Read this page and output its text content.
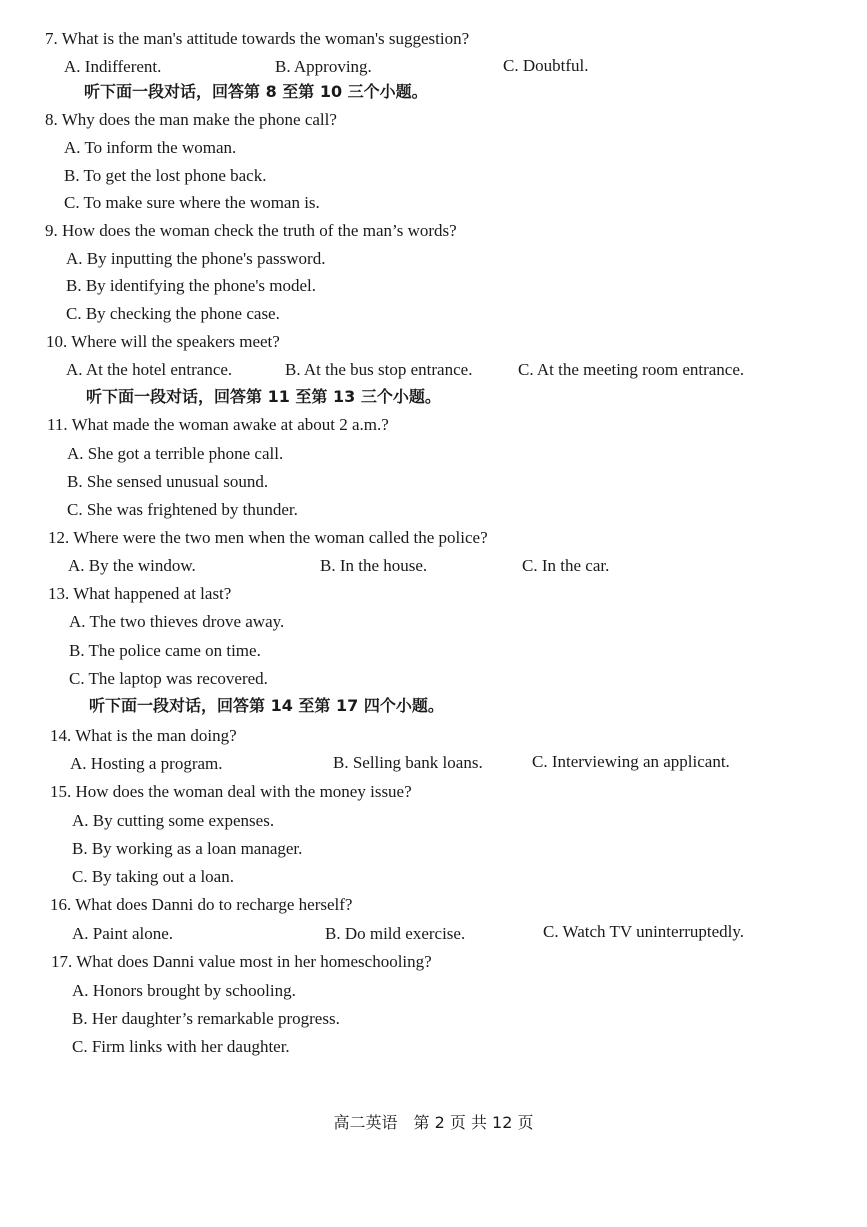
7. What is the man's attitude towards the woman's suggestion?
A. Indifferent.	B. Approving.	C. Doubtful.
听下面一段对话，回答第 8 至第 10 三个小题。
8. Why does the man make the phone call?
A. To inform the woman.
B. To get the lost phone back.
C. To make sure where the woman is.
9. How does the woman check the truth of the man’s words?
A. By inputting the phone's password.
B. By identifying the phone's model.
C. By checking the phone case.
10. Where will the speakers meet?
A. At the hotel entrance.	B. At the bus stop entrance.	C. At the meeting room entrance.
听下面一段对话，回答第 11 至第 13 三个小题。
11. What made the woman awake at about 2 a.m.?
A. She got a terrible phone call.
B. She sensed unusual sound.
C. She was frightened by thunder.
12. Where were the two men when the woman called the police?
A. By the window.	B. In the house.	C. In the car.
13. What happened at last?
A. The two thieves drove away.
B. The police came on time.
C. The laptop was recovered.
听下面一段对话，回答第 14 至第 17 四个小题。
14. What is the man doing?
A. Hosting a program.	B. Selling bank loans.	C. Interviewing an applicant.
15. How does the woman deal with the money issue?
A. By cutting some expenses.
B. By working as a loan manager.
C. By taking out a loan.
16. What does Danni do to recharge herself?
A. Paint alone.	B. Do mild exercise.	C. Watch TV uninterruptedly.
17. What does Danni value most in her homeschooling?
A. Honors brought by schooling.
B. Her daughter’s remarkable progress.
C. Firm links with her daughter.
高二英语　第 2 页 共 12 页
